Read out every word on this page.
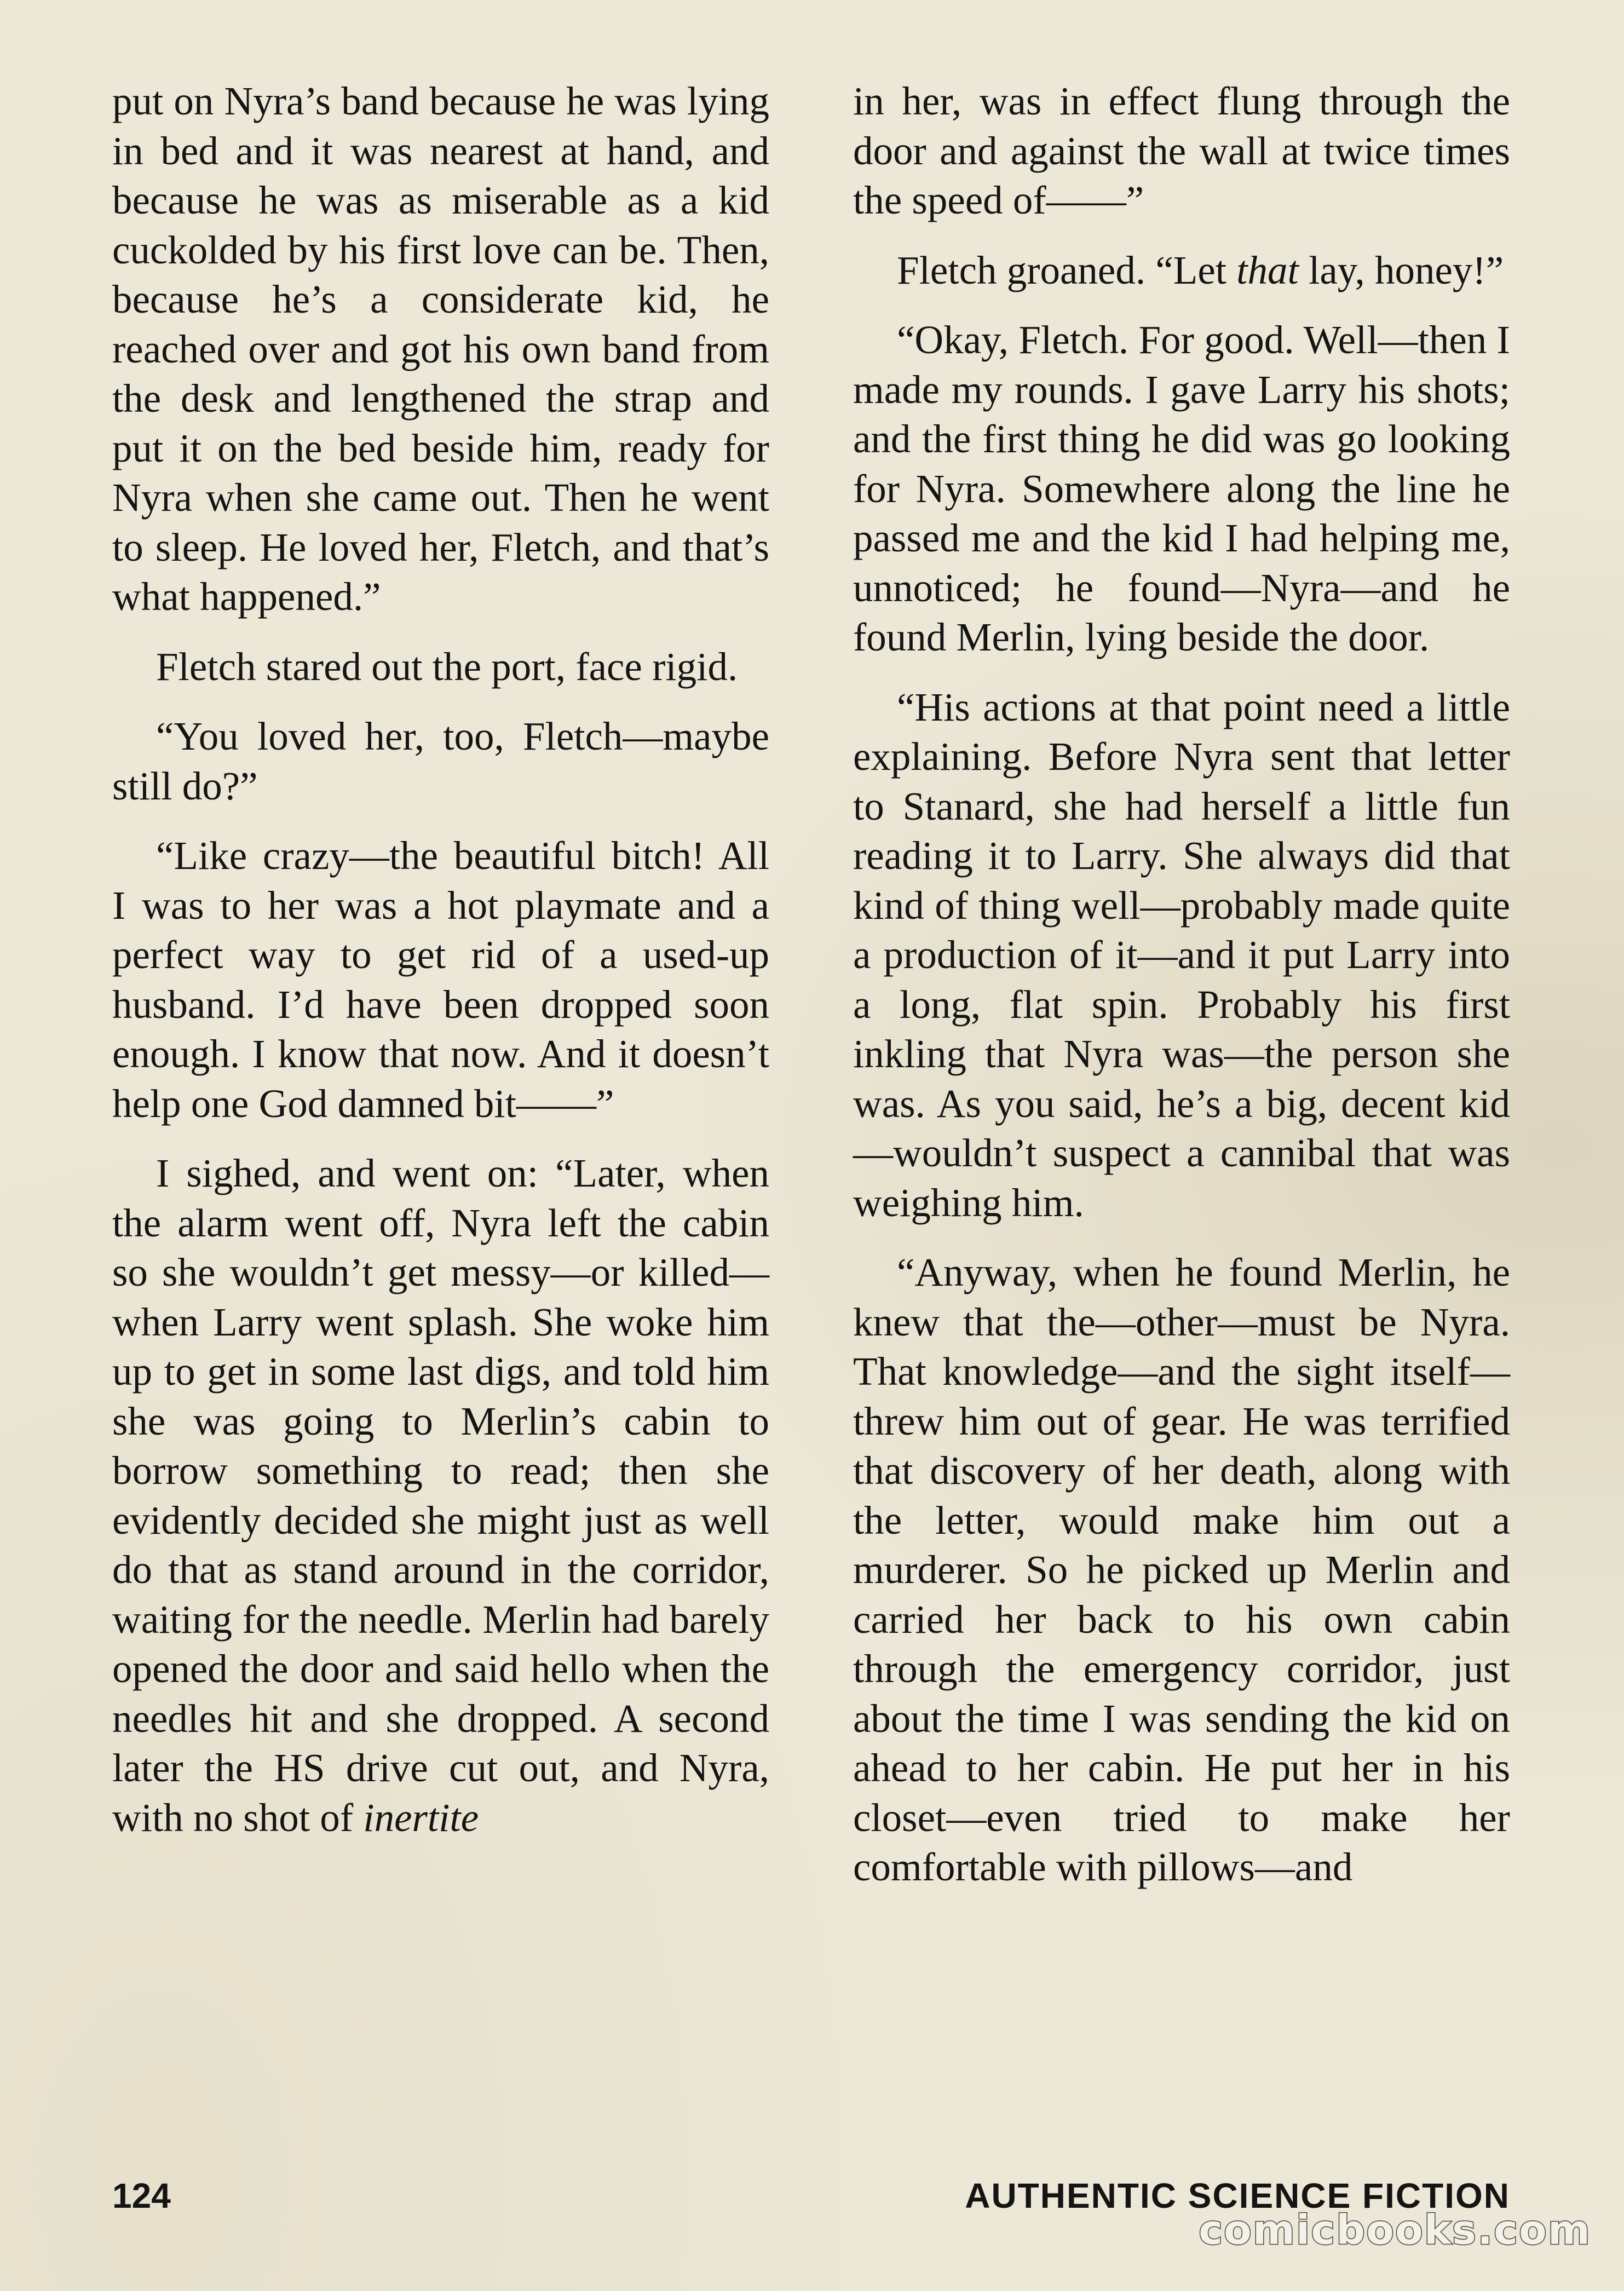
put on Nyra’s band because he was lying in bed and it was nearest at hand, and because he was as miserable as a kid cuckolded by his first love can be. Then, because he’s a considerate kid, he reached over and got his own band from the desk and lengthened the strap and put it on the bed beside him, ready for Nyra when she came out. Then he went to sleep. He loved her, Fletch, and that’s what happened.”

Fletch stared out the port, face rigid.

“You loved her, too, Fletch—maybe still do?”

“Like crazy—the beautiful bitch! All I was to her was a hot playmate and a perfect way to get rid of a used-up husband. I’d have been dropped soon enough. I know that now. And it doesn’t help one God damned bit——”

I sighed, and went on: “Later, when the alarm went off, Nyra left the cabin so she wouldn’t get messy—or killed—when Larry went splash. She woke him up to get in some last digs, and told him she was going to Merlin’s cabin to borrow something to read; then she evidently decided she might just as well do that as stand around in the corridor, waiting for the needle. Merlin had barely opened the door and said hello when the needles hit and she dropped. A second later the HS drive cut out, and Nyra, with no shot of inertite

in her, was in effect flung through the door and against the wall at twice times the speed of——”

Fletch groaned. “Let that lay, honey!”

“Okay, Fletch. For good. Well—then I made my rounds. I gave Larry his shots; and the first thing he did was go looking for Nyra. Somewhere along the line he passed me and the kid I had helping me, unnoticed; he found—Nyra—and he found Merlin, lying beside the door.

“His actions at that point need a little explaining. Before Nyra sent that letter to Stanard, she had herself a little fun reading it to Larry. She always did that kind of thing well—probably made quite a production of it—and it put Larry into a long, flat spin. Probably his first inkling that Nyra was—the person she was. As you said, he’s a big, decent kid—wouldn’t suspect a cannibal that was weighing him.

“Anyway, when he found Merlin, he knew that the—other—must be Nyra. That knowledge—and the sight itself—threw him out of gear. He was terrified that discovery of her death, along with the letter, would make him out a murderer. So he picked up Merlin and carried her back to his own cabin through the emergency corridor, just about the time I was sending the kid on ahead to her cabin. He put her in his closet—even tried to make her comfortable with pillows—and

124	AUTHENTIC SCIENCE FICTION
comicbooks.com
